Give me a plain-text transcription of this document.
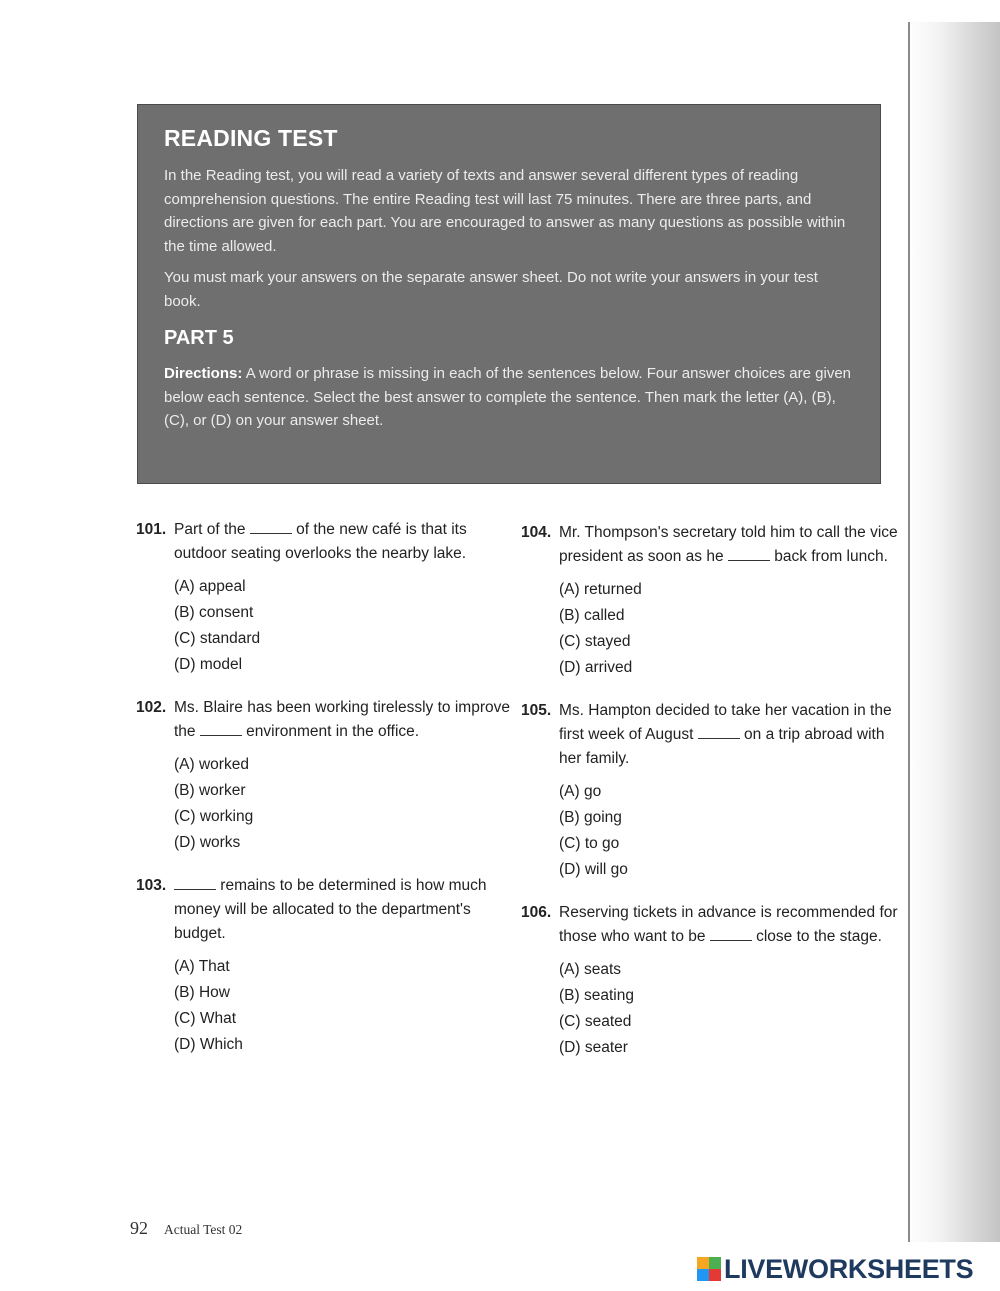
READING TEST

In the Reading test, you will read a variety of texts and answer several different types of reading comprehension questions. The entire Reading test will last 75 minutes. There are three parts, and directions are given for each part. You are encouraged to answer as many questions as possible within the time allowed.

You must mark your answers on the separate answer sheet. Do not write your answers in your test book.

PART 5

Directions: A word or phrase is missing in each of the sentences below. Four answer choices are given below each sentence. Select the best answer to complete the sentence. Then mark the letter (A), (B), (C), or (D) on your answer sheet.

101. Part of the	of the new café is that its outdoor seating overlooks the nearby lake.
(A) appeal
(B) consent
(C) standard
(D) model
102. Ms. Blaire has been working tirelessly to improve the	environment in the office.
(A) worked
(B) worker
(C) working
(D) works
103.	remains to be determined is how much money will be allocated to the department's budget.
(A) That
(B) How
(C) What
(D) Which
104. Mr. Thompson's secretary told him to call the vice president as soon as he	back from lunch.
(A) returned
(B) called
(C) stayed
(D) arrived
105. Ms. Hampton decided to take her vacation in the first week of August	on a trip abroad with her family.
(A) go
(B) going
(C) to go
(D) will go
106. Reserving tickets in advance is recommended for those who want to be	close to the stage.
(A) seats
(B) seating
(C) seated
(D) seater
92 Actual Test 02
LIVEWORKSHEETS
